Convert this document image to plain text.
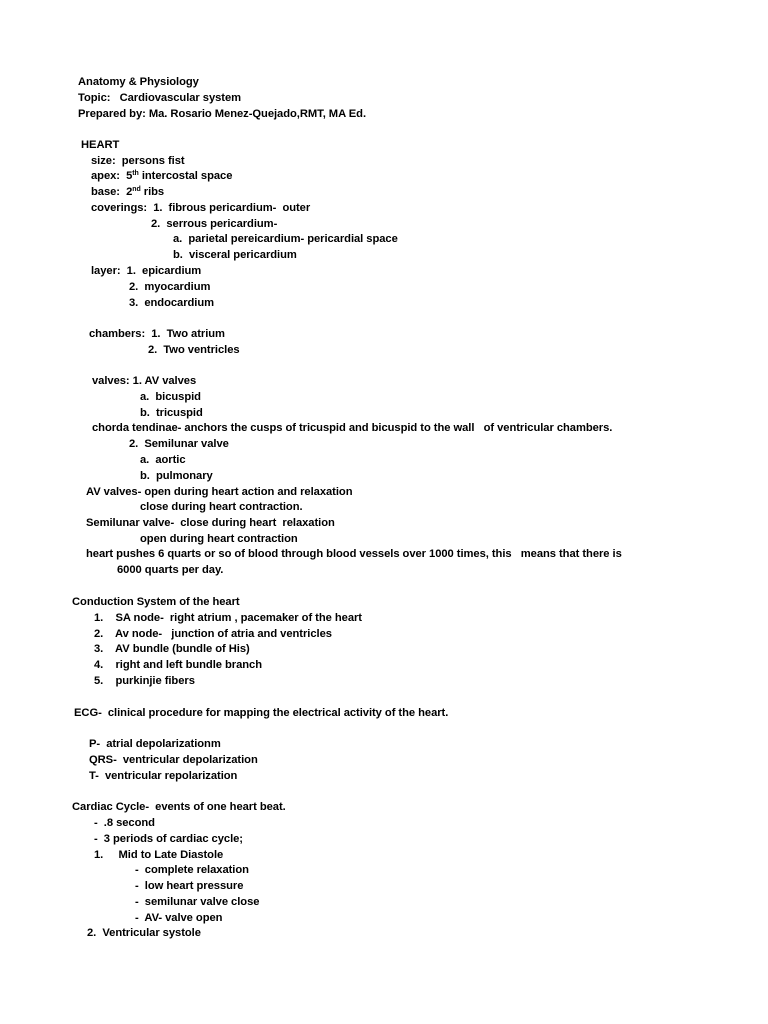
Anatomy & Physiology
Topic:   Cardiovascular system
Prepared by: Ma. Rosario Menez-Quejado,RMT, MA Ed.
HEART
size:  persons fist
apex:  5th intercostal space
base:  2nd ribs
coverings:  1.  fibrous pericardium-  outer
2.  serrous pericardium-
a.  parietal pereicardium- pericardial space
b.  visceral pericardium
layer:  1.  epicardium
2.  myocardium
3.  endocardium
chambers:  1.  Two atrium
2.  Two ventricles
valves: 1. AV valves
a.  bicuspid
b.  tricuspid
chorda tendinae- anchors the cusps of tricuspid and bicuspid to the wall   of ventricular chambers.
2.  Semilunar valve
a.  aortic
b.  pulmonary
AV valves- open during heart action and relaxation
close during heart contraction.
Semilunar valve-  close during heart  relaxation
open during heart contraction
heart pushes 6 quarts or so of blood through blood vessels over 1000 times, this   means that there is
6000 quarts per day.
Conduction System of the heart
1.    SA node-  right atrium , pacemaker of the heart
2.    Av node-   junction of atria and ventricles
3.    AV bundle (bundle of His)
4.    right and left bundle branch
5.    purkinjie fibers
ECG-  clinical procedure for mapping the electrical activity of the heart.
P-  atrial depolarizationm
QRS-  ventricular depolarization
T-  ventricular repolarization
Cardiac Cycle-  events of one heart beat.
-  .8 second
-  3 periods of cardiac cycle;
1.     Mid to Late Diastole
-  complete relaxation
-  low heart pressure
-  semilunar valve close
-  AV- valve open
2.  Ventricular systole
